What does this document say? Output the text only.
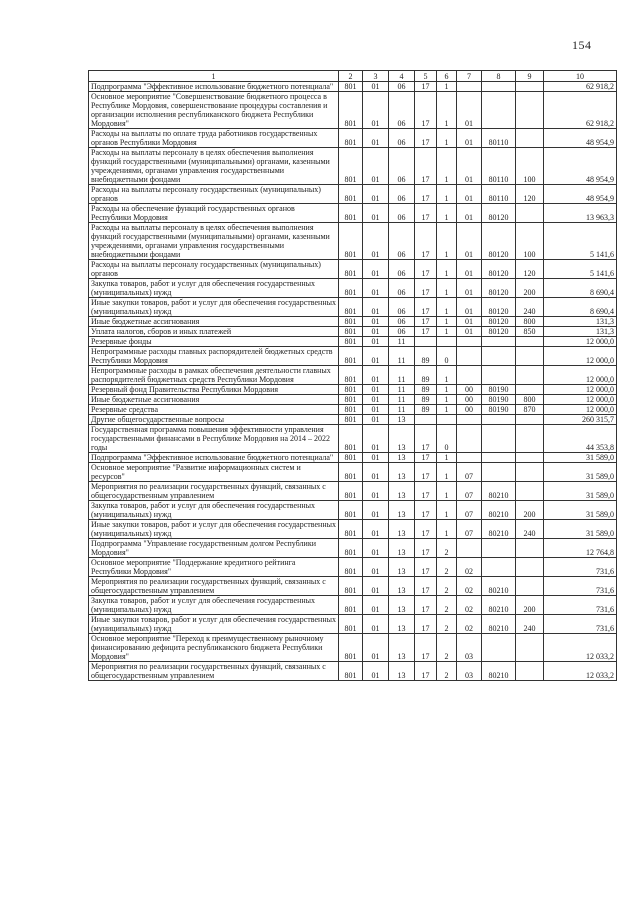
154
1	2	3	4	5	6	7	8	9	10
Подпрограмма "Эффективное использование бюджетного потенциала"	801	01	06	17	1				62 918,2
Основное мероприятие "Совершенствование бюджетного процесса в Республике Мордовия, совершенствование процедуры составления и организации исполнения республиканского бюджета Республики Мордовия"	801	01	06	17	1	01			62 918,2
Расходы на выплаты по оплате труда работников государственных органов Республики Мордовия	801	01	06	17	1	01	80110		48 954,9
Расходы на выплаты персоналу в целях обеспечения выполнения функций государственными (муниципальными) органами, казенными учреждениями, органами управления государственными внебюджетными фондами	801	01	06	17	1	01	80110	100	48 954,9
Расходы на выплаты персоналу государственных (муниципальных) органов	801	01	06	17	1	01	80110	120	48 954,9
Расходы на обеспечение функций государственных органов Республики Мордовия	801	01	06	17	1	01	80120		13 963,3
Расходы на выплаты персоналу в целях обеспечения выполнения функций государственными (муниципальными) органами, казенными учреждениями, органами управления государственными внебюджетными фондами	801	01	06	17	1	01	80120	100	5 141,6
Расходы на выплаты персоналу государственных (муниципальных) органов	801	01	06	17	1	01	80120	120	5 141,6
Закупка товаров, работ и услуг для обеспечения государственных (муниципальных) нужд	801	01	06	17	1	01	80120	200	8 690,4
Иные закупки товаров, работ и услуг для обеспечения государственных (муниципальных) нужд	801	01	06	17	1	01	80120	240	8 690,4
Иные бюджетные ассигнования	801	01	06	17	1	01	80120	800	131,3
Уплата налогов, сборов и иных платежей	801	01	06	17	1	01	80120	850	131,3
Резервные фонды	801	01	11						12 000,0
Непрограммные расходы главных распорядителей бюджетных средств Республики Мордовия	801	01	11	89	0				12 000,0
Непрограммные расходы в рамках обеспечения деятельности главных распорядителей бюджетных средств Республики Мордовия	801	01	11	89	1				12 000,0
Резервный фонд Правительства Республики Мордовия	801	01	11	89	1	00	80190		12 000,0
Иные бюджетные ассигнования	801	01	11	89	1	00	80190	800	12 000,0
Резервные средства	801	01	11	89	1	00	80190	870	12 000,0
Другие общегосударственные вопросы	801	01	13						260 315,7
Государственная программа повышения эффективности управления государственными финансами в Республике Мордовия на 2014 – 2022 годы	801	01	13	17	0				44 353,8
Подпрограмма "Эффективное использование бюджетного потенциала"	801	01	13	17	1				31 589,0
Основное мероприятие "Развитие информационных систем и ресурсов"	801	01	13	17	1	07			31 589,0
Мероприятия по реализации государственных функций, связанных с общегосударственным управлением	801	01	13	17	1	07	80210		31 589,0
Закупка товаров, работ и услуг для обеспечения государственных (муниципальных) нужд	801	01	13	17	1	07	80210	200	31 589,0
Иные закупки товаров, работ и услуг для обеспечения государственных (муниципальных) нужд	801	01	13	17	1	07	80210	240	31 589,0
Подпрограмма "Управление государственным долгом Республики Мордовия"	801	01	13	17	2				12 764,8
Основное мероприятие "Поддержание кредитного рейтинга Республики Мордовия"	801	01	13	17	2	02			731,6
Мероприятия по реализации государственных функций, связанных с общегосударственным управлением	801	01	13	17	2	02	80210		731,6
Закупка товаров, работ и услуг для обеспечения государственных (муниципальных) нужд	801	01	13	17	2	02	80210	200	731,6
Иные закупки товаров, работ и услуг для обеспечения государственных (муниципальных) нужд	801	01	13	17	2	02	80210	240	731,6
Основное мероприятие "Переход к преимущественному рыночному финансированию дефицита республиканского бюджета Республики Мордовия"	801	01	13	17	2	03			12 033,2
Мероприятия по реализации государственных функций, связанных с общегосударственным управлением	801	01	13	17	2	03	80210		12 033,2
